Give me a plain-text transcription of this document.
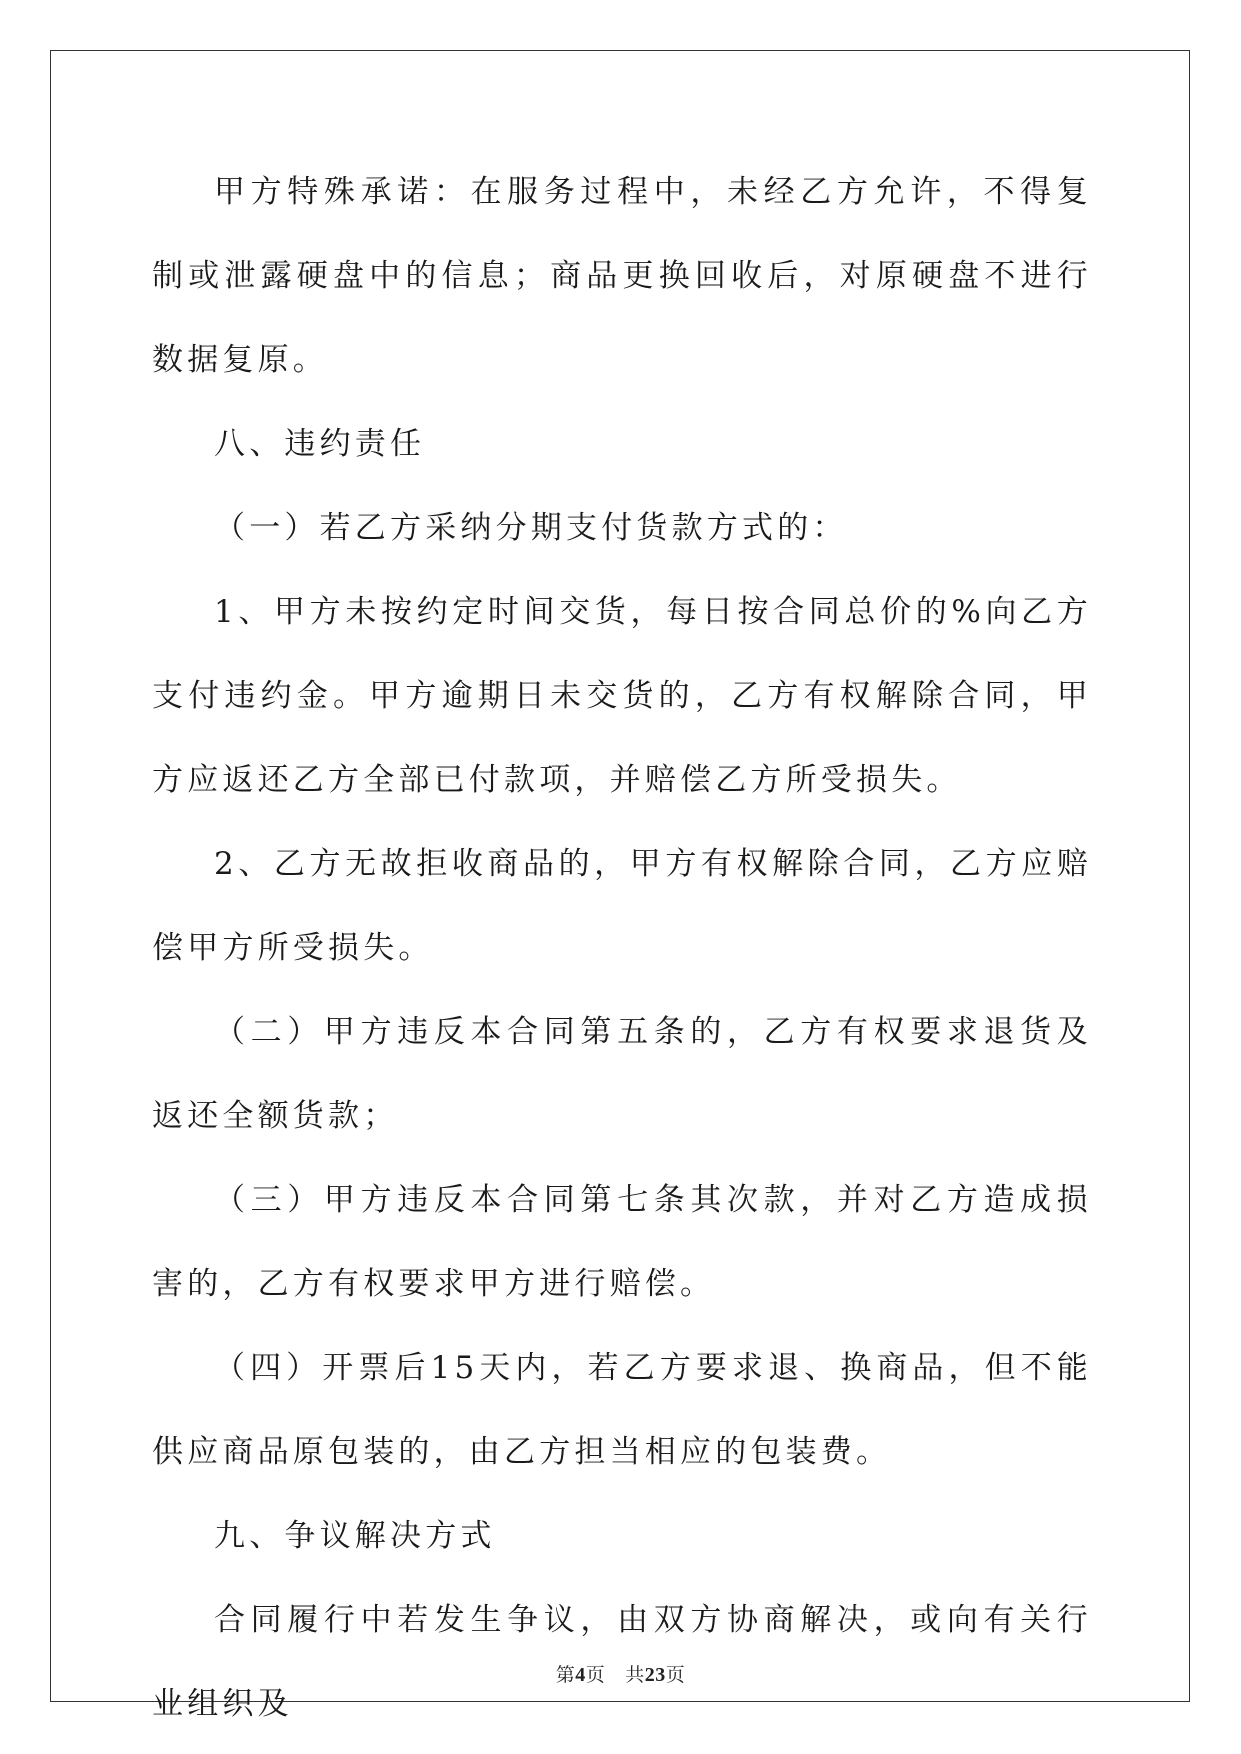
甲方特殊承诺：在服务过程中，未经乙方允许，不得复制或泄露硬盘中的信息；商品更换回收后，对原硬盘不进行数据复原。

八、违约责任

（一）若乙方采纳分期支付货款方式的：

1、甲方未按约定时间交货，每日按合同总价的%向乙方支付违约金。甲方逾期日未交货的，乙方有权解除合同，甲方应返还乙方全部已付款项，并赔偿乙方所受损失。

2、乙方无故拒收商品的，甲方有权解除合同，乙方应赔偿甲方所受损失。

（二）甲方违反本合同第五条的，乙方有权要求退货及返还全额货款；

（三）甲方违反本合同第七条其次款，并对乙方造成损害的，乙方有权要求甲方进行赔偿。

（四）开票后15天内，若乙方要求退、换商品，但不能供应商品原包装的，由乙方担当相应的包装费。

九、争议解决方式

合同履行中若发生争议，由双方协商解决，或向有关行业组织及

第4页 共23页
